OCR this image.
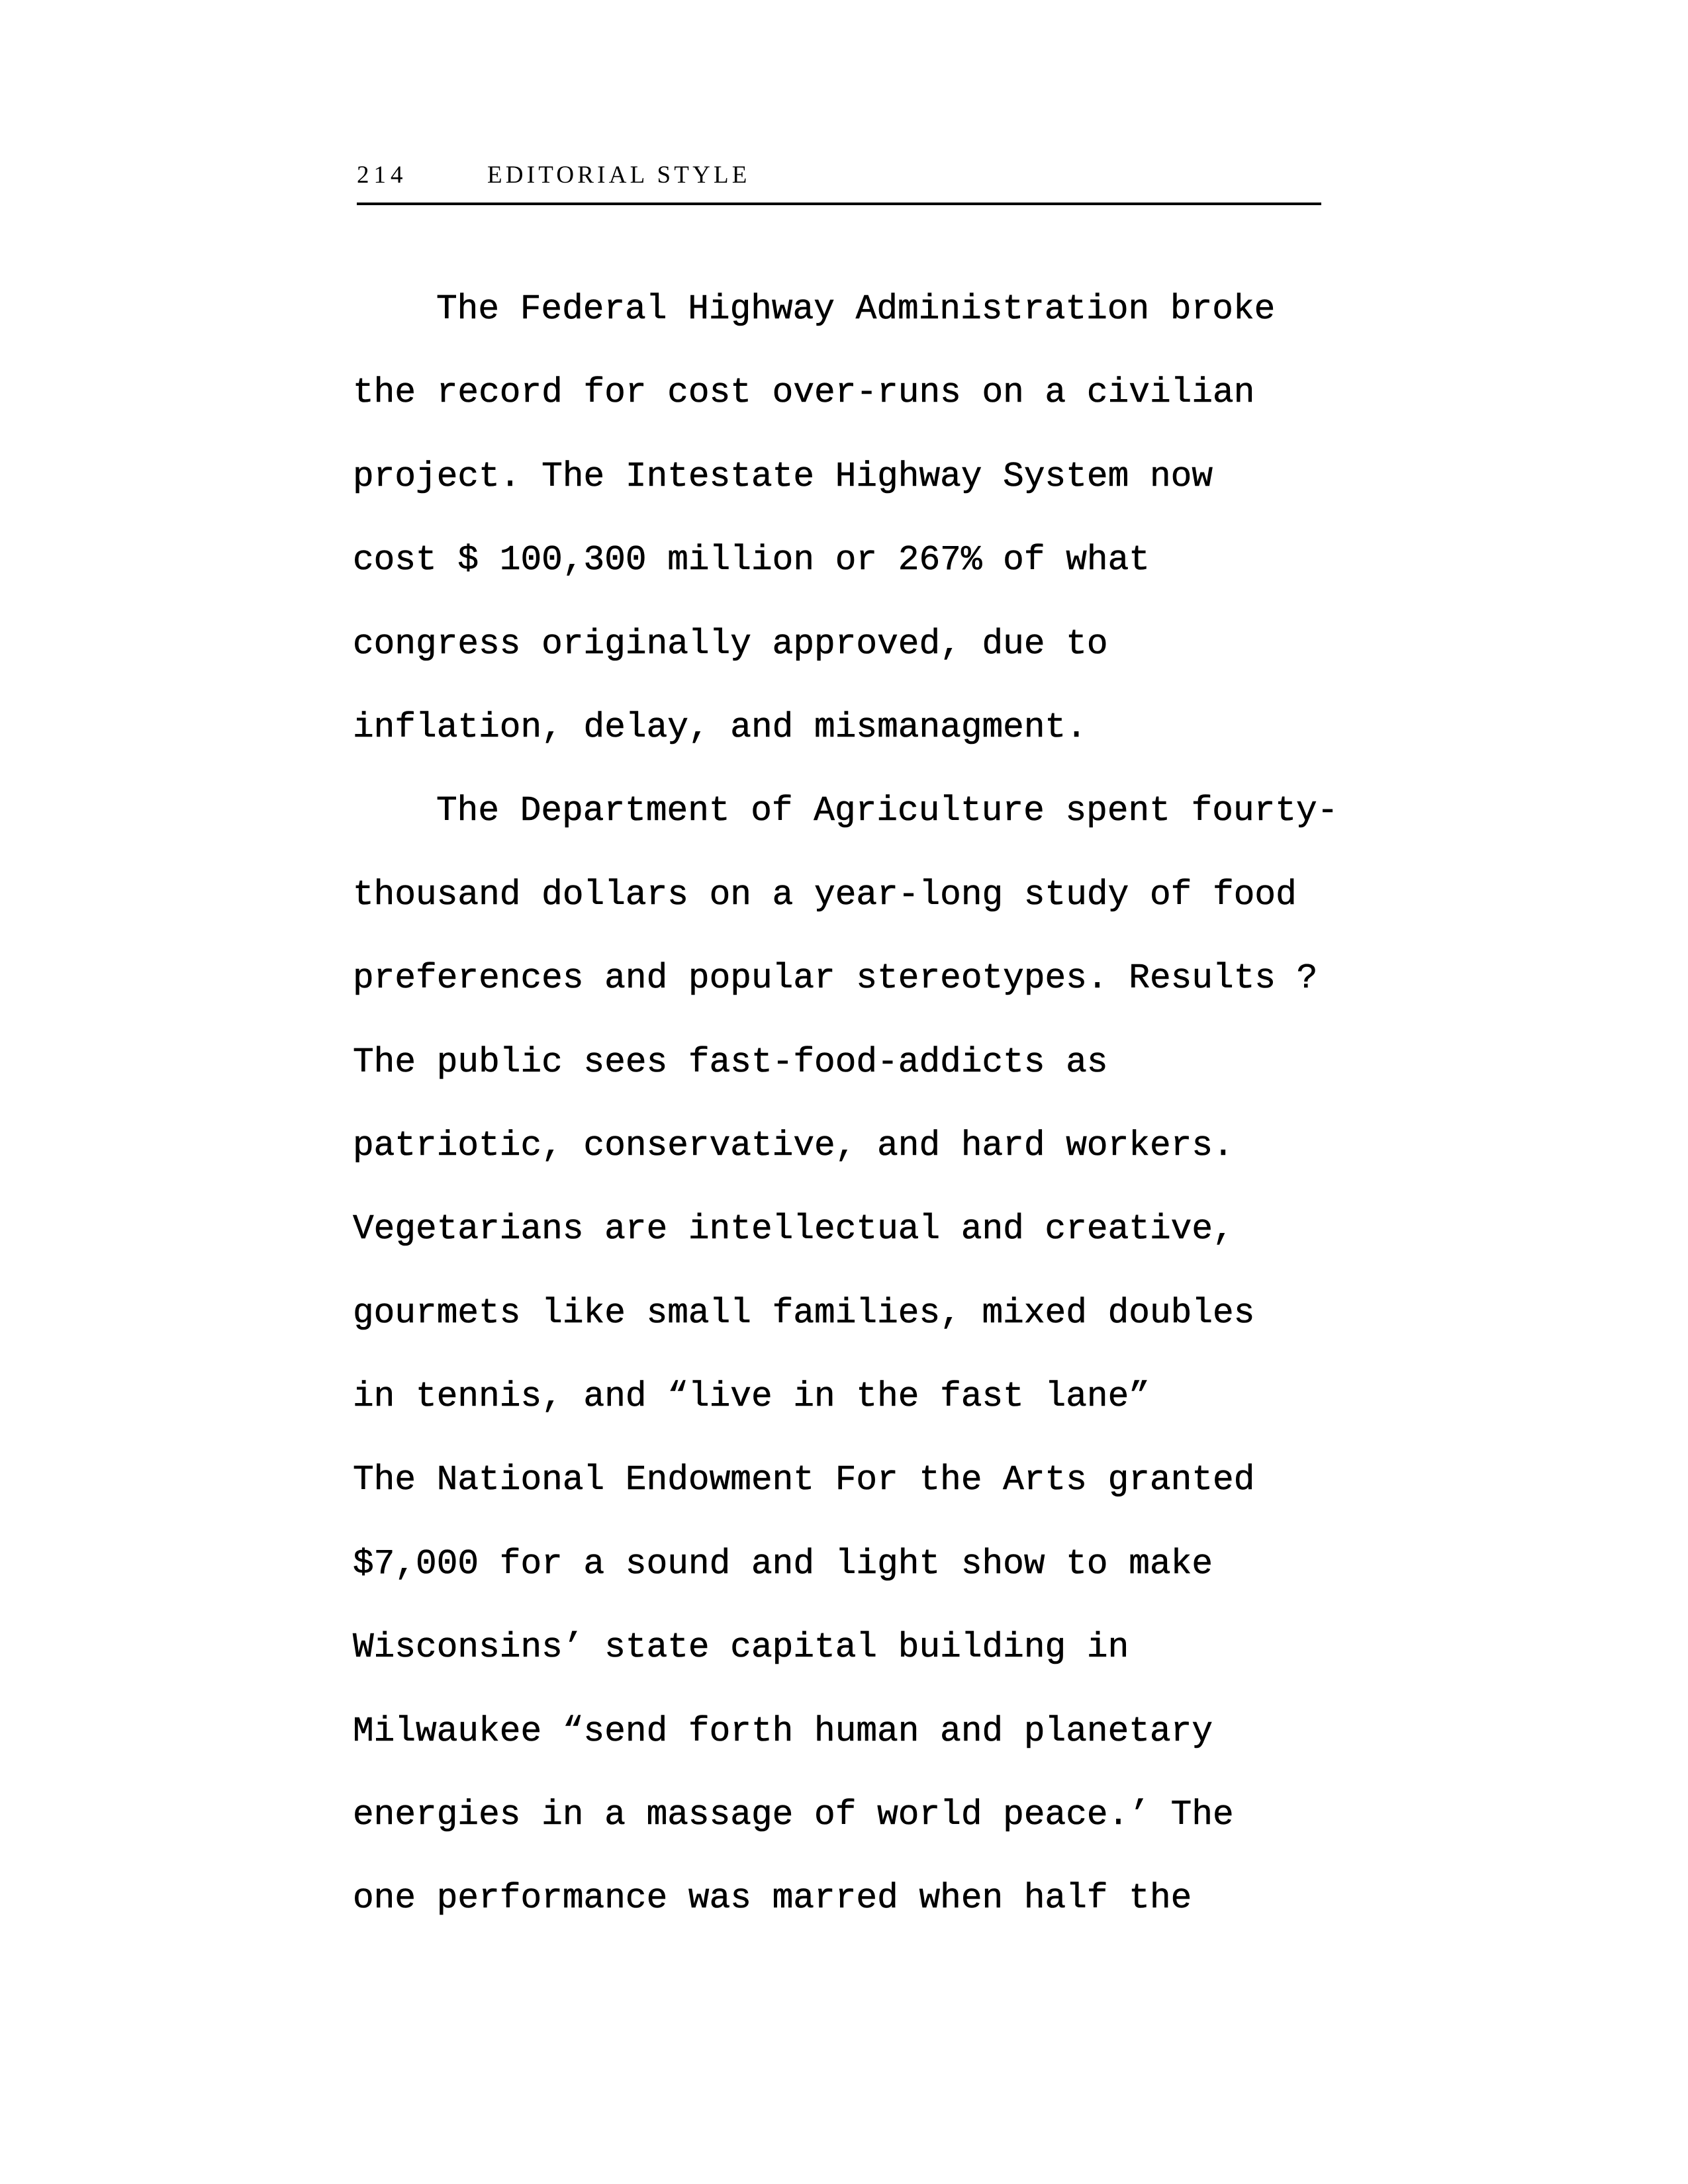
214	EDITORIAL STYLE
The Federal Highway Administration broke
the record for cost over-runs on a civilian
project. The Intestate Highway System now
cost $ 100,300 million or 267% of what
congress originally approved, due to
inflation, delay, and mismanagment.
The Department of Agriculture spent fourty-
thousand dollars on a year-long study of food
preferences and popular stereotypes. Results ?
The public sees fast-food-addicts as
patriotic, conservative, and hard workers.
Vegetarians are intellectual and creative,
gourmets like small families, mixed doubles
in tennis, and “live in the fast lane”
The National Endowment For the Arts granted
$7,000 for a sound and light show to make
Wisconsins’ state capital building in
Milwaukee “send forth human and planetary
energies in a massage of world peace.’ The
one performance was marred when half the
